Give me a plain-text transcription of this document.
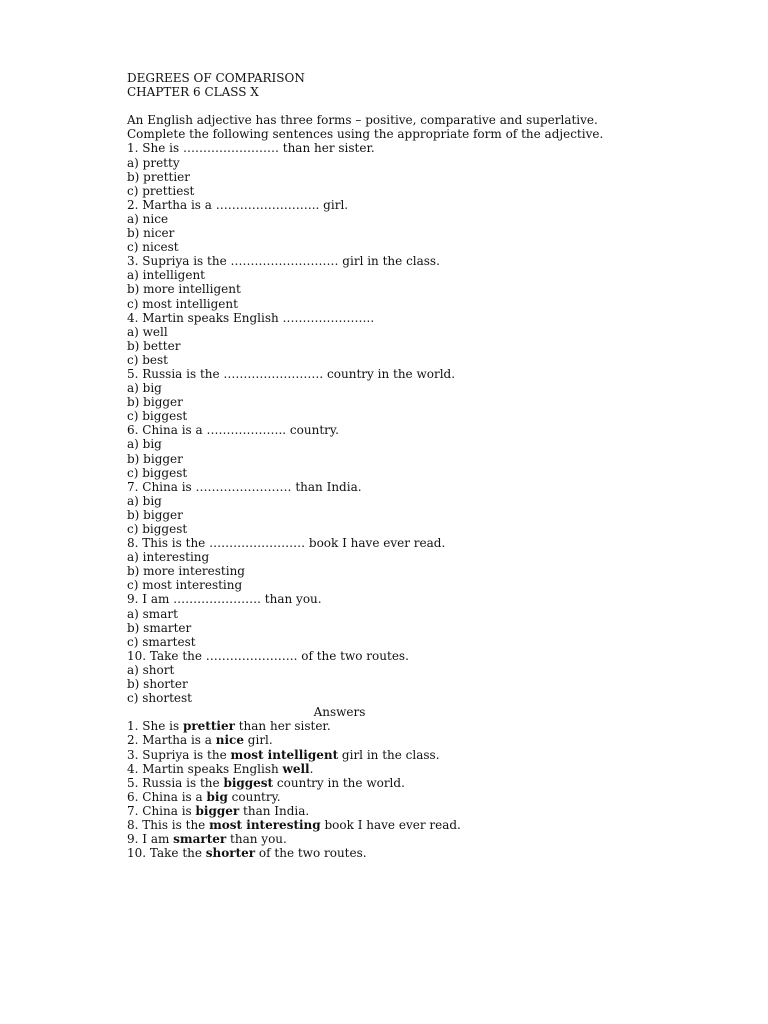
DEGREES OF COMPARISON
CHAPTER 6 CLASS X
An English adjective has three forms – positive, comparative and superlative.
Complete the following sentences using the appropriate form of the adjective.
1. She is …………………… than her sister.
a) pretty
b) prettier
c) prettiest
2. Martha is a …………………….. girl.
a) nice
b) nicer
c) nicest
3. Supriya is the ……………………… girl in the class.
a) intelligent
b) more intelligent
c) most intelligent
4. Martin speaks English …………………..
a) well
b) better
c) best
5. Russia is the ……………………. country in the world.
a) big
b) bigger
c) biggest
6. China is a ……………….. country.
a) big
b) bigger
c) biggest
7. China is …………………… than India.
a) big
b) bigger
c) biggest
8. This is the …………………… book I have ever read.
a) interesting
b) more interesting
c) most interesting
9. I am …………………. than you.
a) smart
b) smarter
c) smartest
10. Take the ………………….. of the two routes.
a) short
b) shorter
c) shortest
Answers
1. She is prettier than her sister.
2. Martha is a nice girl.
3. Supriya is the most intelligent girl in the class.
4. Martin speaks English well.
5. Russia is the biggest country in the world.
6. China is a big country.
7. China is bigger than India.
8. This is the most interesting book I have ever read.
9. I am smarter than you.
10. Take the shorter of the two routes.
